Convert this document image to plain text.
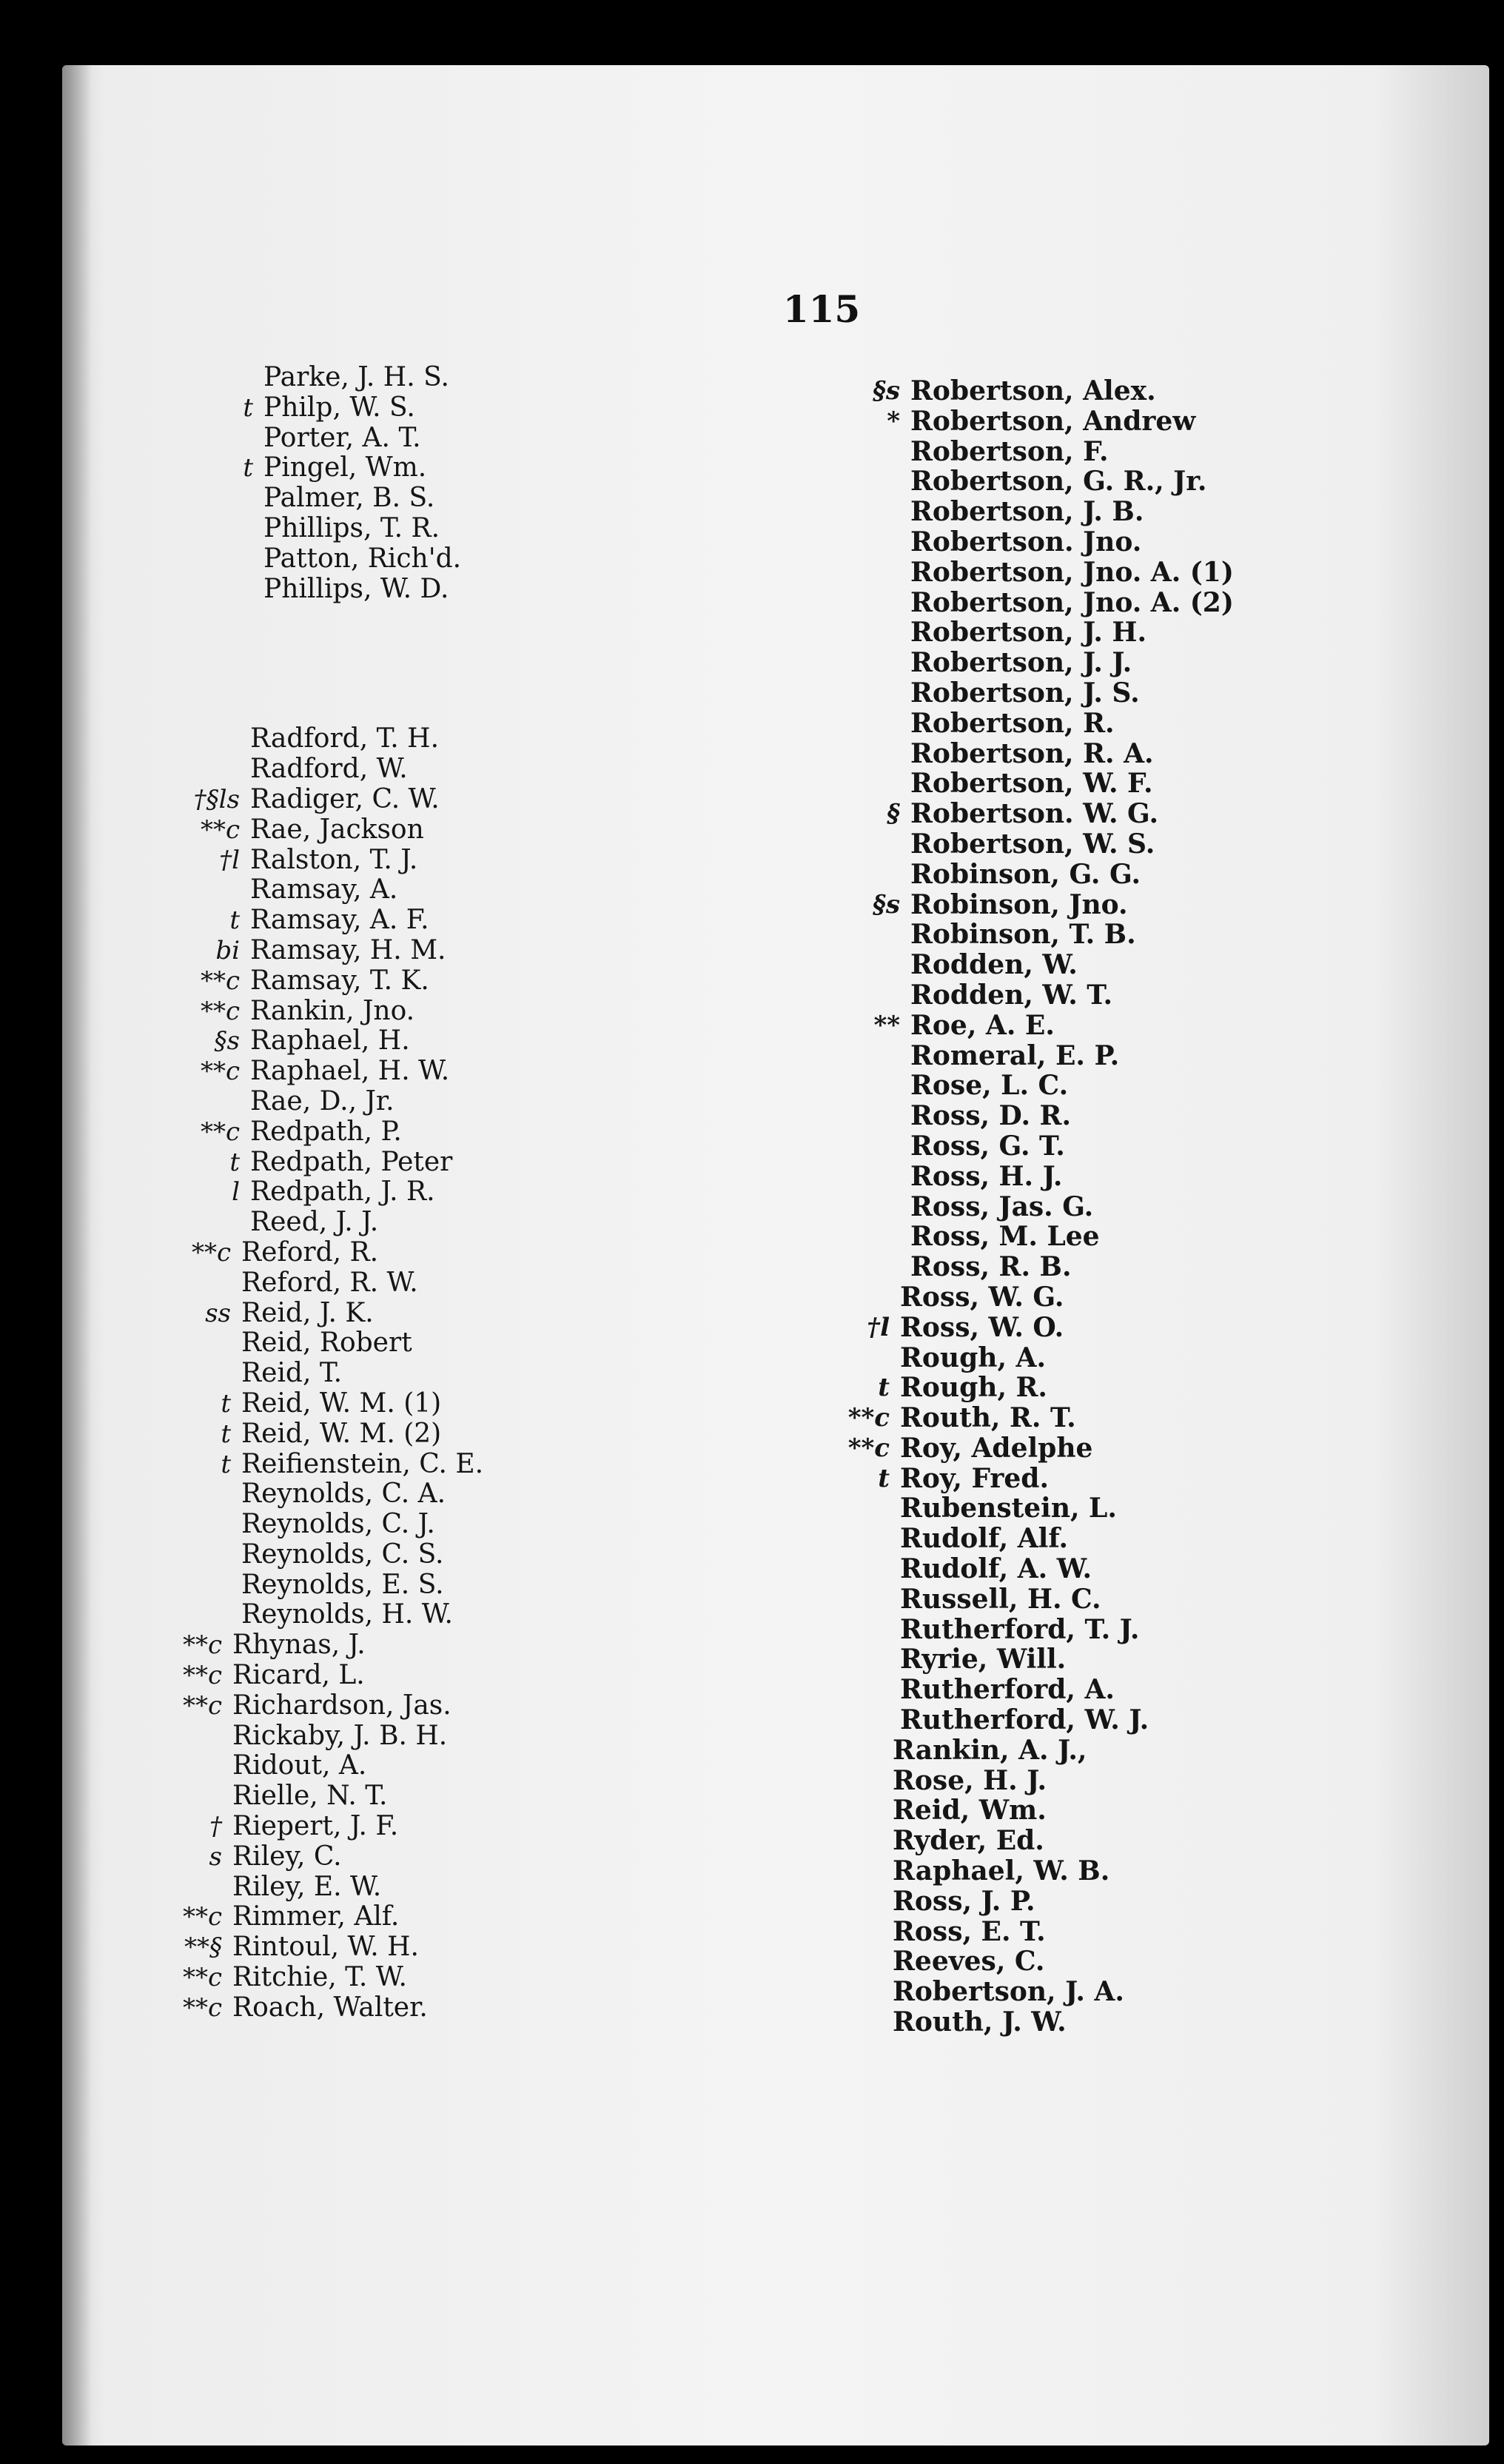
115
Parke, J. H. S.
t Philp, W. S.
Porter, A. T.
t Pingel, Wm.
Palmer, B. S.
Phillips, T. R.
Patton, Rich'd.
Phillips, W. D.
Radford, T. H.
Radford, W.
†§ls Radiger, C. W.
**c Rae, Jackson
†l Ralston, T. J.
Ramsay, A.
t Ramsay, A. F.
bi Ramsay, H. M.
**c Ramsay, T. K.
**c Rankin, Jno.
§s Raphael, H.
**c Raphael, H. W.
Rae, D., Jr.
**c Redpath, P.
t Redpath, Peter
l Redpath, J. R.
Reed, J. J.
**c Reford, R.
Reford, R. W.
ss Reid, J. K.
Reid, Robert
Reid, T.
t Reid, W. M. (1)
t Reid, W. M. (2)
t Reifienstein, C. E.
Reynolds, C. A.
Reynolds, C. J.
Reynolds, C. S.
Reynolds, E. S.
Reynolds, H. W.
**c Rhynas, J.
**c Ricard, L.
**c Richardson, Jas.
Rickaby, J. B. H.
Ridout, A.
Rielle, N. T.
† Riepert, J. F.
s Riley, C.
Riley, E. W.
**c Rimmer, Alf.
**§ Rintoul, W. H.
**c Ritchie, T. W.
**c Roach, Walter.
§s Robertson, Alex.
* Robertson, Andrew
Robertson, F.
Robertson, G. R., Jr.
Robertson, J. B.
Robertson. Jno.
Robertson, Jno. A. (1)
Robertson, Jno. A. (2)
Robertson, J. H.
Robertson, J. J.
Robertson, J. S.
Robertson, R.
Robertson, R. A.
Robertson, W. F.
§ Robertson. W. G.
Robertson, W. S.
Robinson, G. G.
§s Robinson, Jno.
Robinson, T. B.
Rodden, W.
Rodden, W. T.
** Roe, A. E.
Romeral, E. P.
Rose, L. C.
Ross, D. R.
Ross, G. T.
Ross, H. J.
Ross, Jas. G.
Ross, M. Lee
Ross, R. B.
Ross, W. G.
†l Ross, W. O.
Rough, A.
t Rough, R.
**c Routh, R. T.
**c Roy, Adelphe
t Roy, Fred.
Rubenstein, L.
Rudolf, Alf.
Rudolf, A. W.
Russell, H. C.
Rutherford, T. J.
Ryrie, Will.
Rutherford, A.
Rutherford, W. J.
Rankin, A. J.,
Rose, H. J.
Reid, Wm.
Ryder, Ed.
Raphael, W. B.
Ross, J. P.
Ross, E. T.
Reeves, C.
Robertson, J. A.
Routh, J. W.
